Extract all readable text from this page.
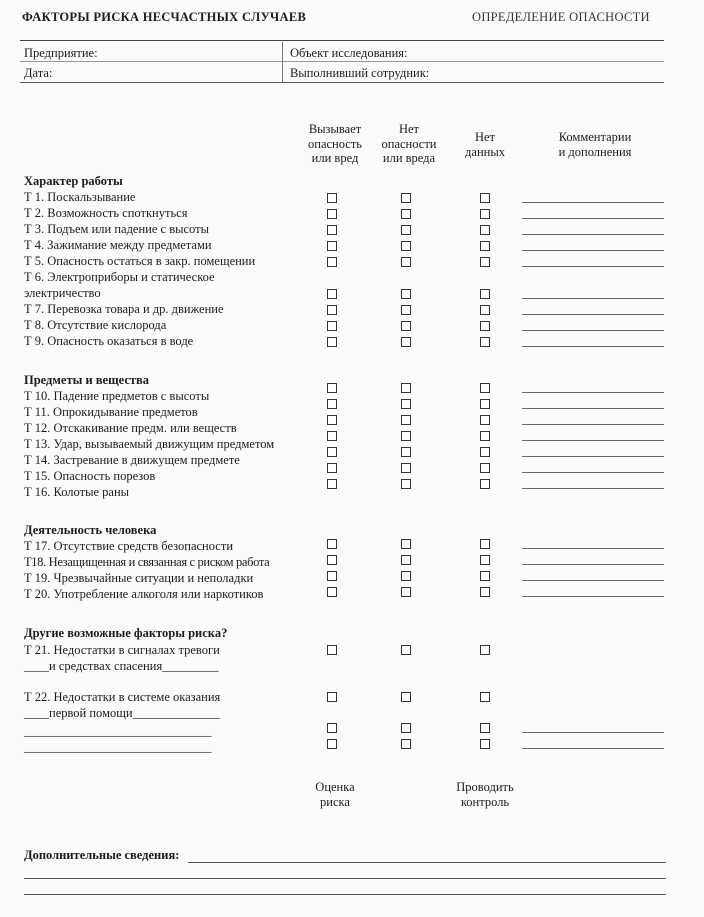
ФАКТОРЫ РИСКА НЕСЧАСТНЫХ СЛУЧАЕВ	ОПРЕДЕЛЕНИЕ ОПАСНОСТИ
Предприятие:
Дата:
Объект исследования:
Выполнивший сотрудник:
Вызывает
опасность
или вред
Нет
опасности
или вреда
Нет
данных
Комментарии
и дополнения
Характер работы
Т 1. Поскальзывание
Т 2. Возможность споткнуться
Т 3. Подъем или падение с высоты
Т 4. Зажимание между предметами
Т 5. Опасность остаться в закр. помещении
Т 6. Электроприборы и статическое
электричество
Т 7. Перевозка товара и др. движение
Т 8. Отсутствие кислорода
Т 9. Опасность оказаться в воде
Предметы и вещества
Т 10. Падение предметов с высоты
Т 11. Опрокидывание предметов
Т 12. Отскакивание предм. или веществ
Т 13. Удар, вызываемый движущим предметом
Т 14. Застревание в движущем предмете
Т 15. Опасность порезов
Т 16. Колотые раны
Деятельность человека
Т 17. Отсутствие средств безопасности
Т18. Незащищенная и связанная с риском работа
Т 19. Чрезвычайные ситуации и неполадки
Т 20. Употребление алкоголя или наркотиков
Другие возможные факторы риска?
Т 21. Недостатки в сигналах тревоги
____и средствах спасения_________
Т 22. Недостатки в системе оказания
____первой помощи______________
______________________________
______________________________
Оценка
риска
Проводить
контроль
Дополнительные сведения:
